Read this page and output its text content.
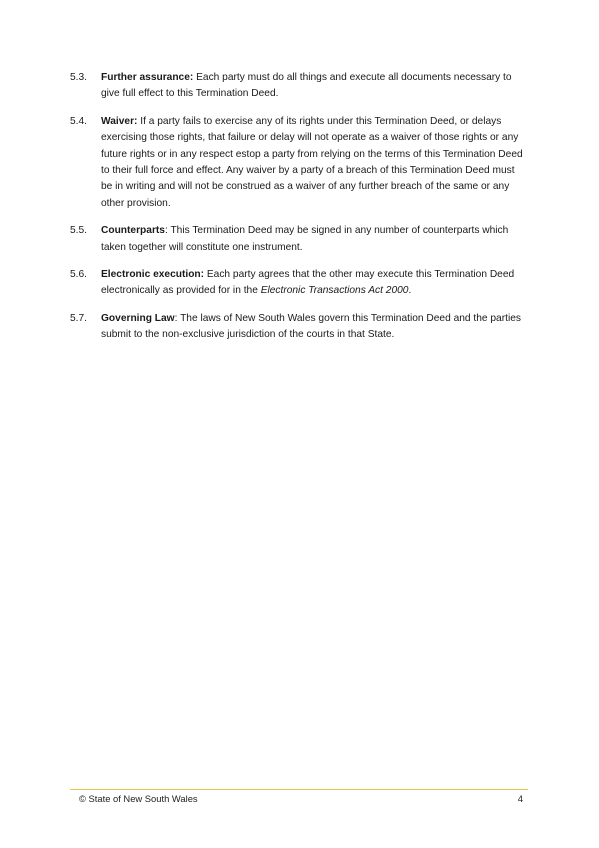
5.3.	Further assurance: Each party must do all things and execute all documents necessary to give full effect to this Termination Deed.
5.4.	Waiver: If a party fails to exercise any of its rights under this Termination Deed, or delays exercising those rights, that failure or delay will not operate as a waiver of those rights or any future rights or in any respect estop a party from relying on the terms of this Termination Deed to their full force and effect. Any waiver by a party of a breach of this Termination Deed must be in writing and will not be construed as a waiver of any further breach of the same or any other provision.
5.5.	Counterparts: This Termination Deed may be signed in any number of counterparts which taken together will constitute one instrument.
5.6.	Electronic execution: Each party agrees that the other may execute this Termination Deed electronically as provided for in the Electronic Transactions Act 2000.
5.7.	Governing Law: The laws of New South Wales govern this Termination Deed and the parties submit to the non-exclusive jurisdiction of the courts in that State.
© State of New South Wales	4
